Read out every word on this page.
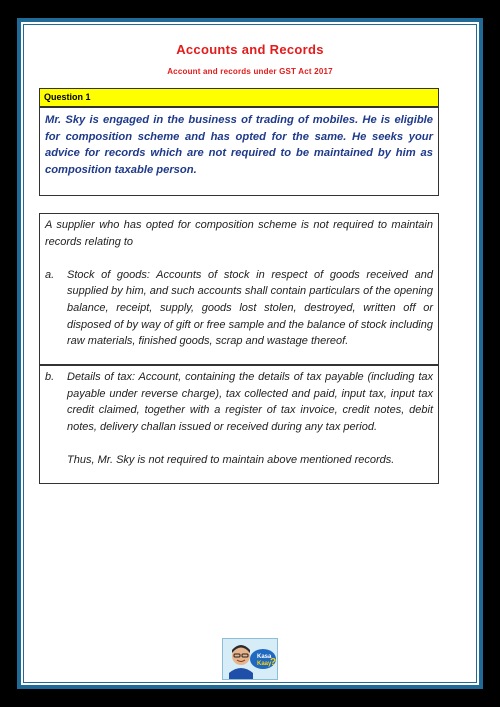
Accounts and Records
Account and records under GST Act 2017
Question 1
Mr. Sky is engaged in the business of trading of mobiles. He is eligible for composition scheme and has opted for the same. He seeks your advice for records which are not required to be maintained by him as composition taxable person.

A supplier who has opted for composition scheme is not required to maintain records relating to

a.	Stock of goods: Accounts of stock in respect of goods received and supplied by him, and such accounts shall contain particulars of the opening balance, receipt, supply, goods lost stolen, destroyed, written off or disposed of by way of gift or free sample and the balance of stock including raw materials, finished goods, scrap and wastage thereof.
b.	Details of tax: Account, containing the details of tax payable (including tax payable under reverse charge), tax collected and paid, input tax, input tax credit claimed, together with a register of tax invoice, credit notes, debit notes, delivery challan issued or received during any tax period.
Thus, Mr. Sky is not required to maintain above mentioned records.
Kasa
Kaay
?
